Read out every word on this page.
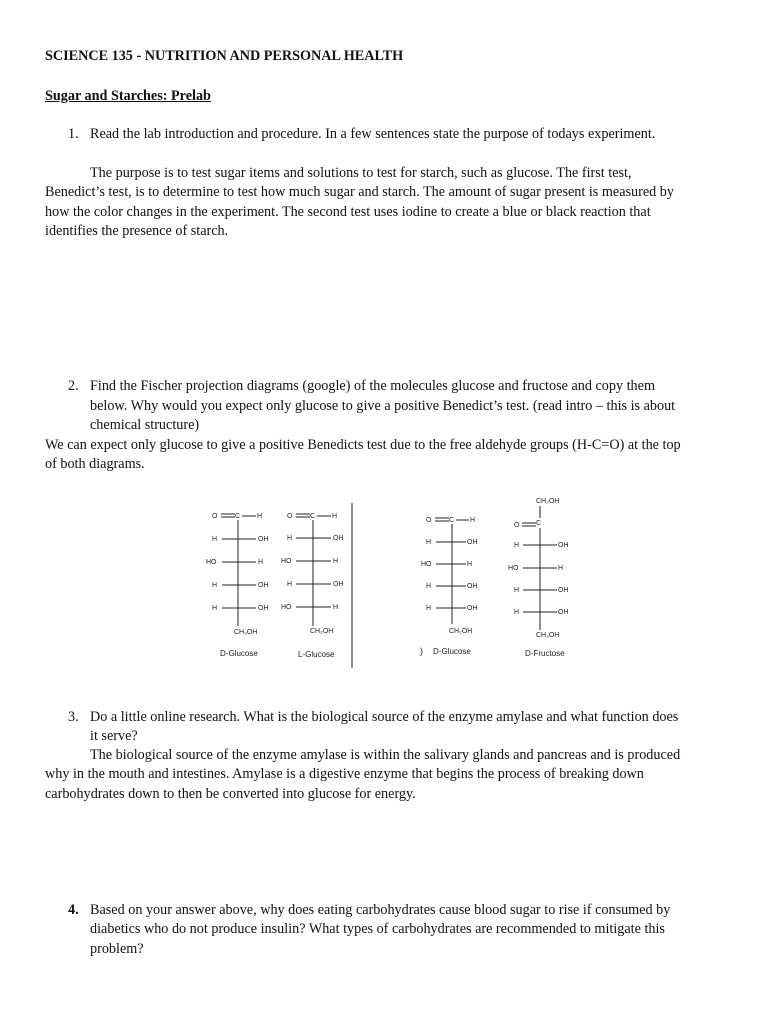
SCIENCE 135 - NUTRITION AND PERSONAL HEALTH
Sugar and Starches: Prelab
1. Read the lab introduction and procedure. In a few sentences state the purpose of todays experiment.
The purpose is to test sugar items and solutions to test for starch, such as glucose. The first test,
Benedict’s test, is to determine to test how much sugar and starch. The amount of sugar present is measured by
how the color changes in the experiment. The second test uses iodine to create a blue or black reaction that
identifies the presence of starch.
2. Find the Fischer projection diagrams (google) of the molecules glucose and fructose and copy them
below. Why would you expect only glucose to give a positive Benedict’s test. (read intro – this is about
chemical structure)
We can expect only glucose to give a positive Benedicts test due to the free aldehyde groups (H-C=O) at the top
of both diagrams.
O	C H
H	OH
HO	H
H	OH
H	OH
CH₂OH
D-Glucose
O	C H
H	OH
HO	H
H	OH
HO	H
CH₂OH
L-Glucose
O	C H
H	OH
HO	H
H	OH
H	OH
CH₂OH
) D-Glucose
CH₂OH
O C
H	OH
HO	H
H	OH
H	OH
CH₂OH
D-Fructose
3. Do a little online research. What is the biological source of the enzyme amylase and what function does
it serve?
The biological source of the enzyme amylase is within the salivary glands and pancreas and is produced
why in the mouth and intestines. Amylase is a digestive enzyme that begins the process of breaking down
carbohydrates down to then be converted into glucose for energy.
4. Based on your answer above, why does eating carbohydrates cause blood sugar to rise if consumed by
diabetics who do not produce insulin? What types of carbohydrates are recommended to mitigate this
problem?
